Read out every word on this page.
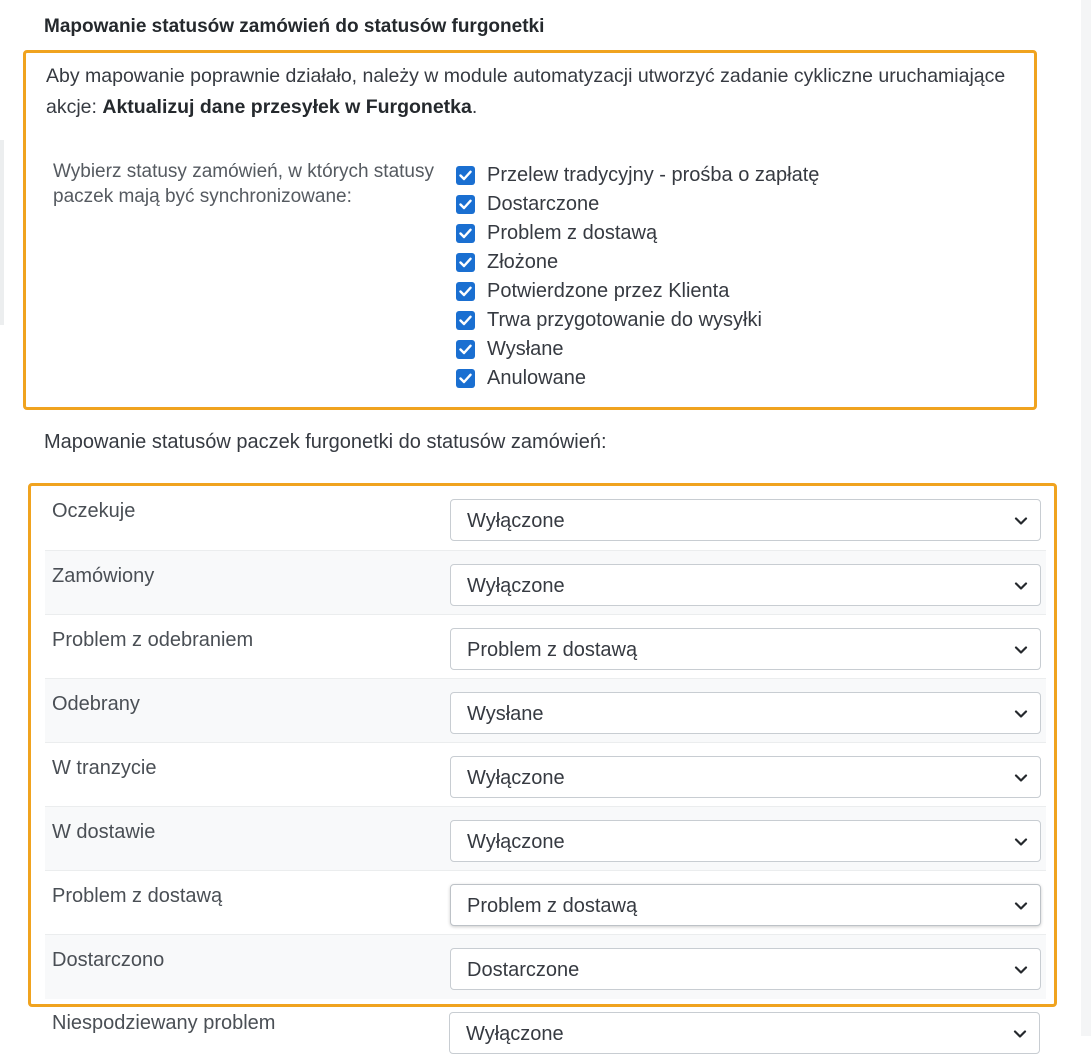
Mapowanie statusów zamówień do statusów furgonetki

Aby mapowanie poprawnie działało, należy w module automatyzacji utworzyć zadanie cykliczne uruchamiające akcje: Aktualizuj dane przesyłek w Furgonetka.

Wybierz statusy zamówień, w których statusy paczek mają być synchronizowane:
Przelew tradycyjny - prośba o zapłatę
Dostarczone
Problem z dostawą
Złożone
Potwierdzone przez Klienta
Trwa przygotowanie do wysyłki
Wysłane
Anulowane
Mapowanie statusów paczek furgonetki do statusów zamówień:
Oczekuje	Wyłączone
Zamówiony	Wyłączone
Problem z odebraniem	Problem z dostawą
Odebrany	Wysłane
W tranzycie	Wyłączone
W dostawie	Wyłączone
Problem z dostawą	Problem z dostawą
Dostarczono	Dostarczone
Niespodziewany problem	Wyłączone
